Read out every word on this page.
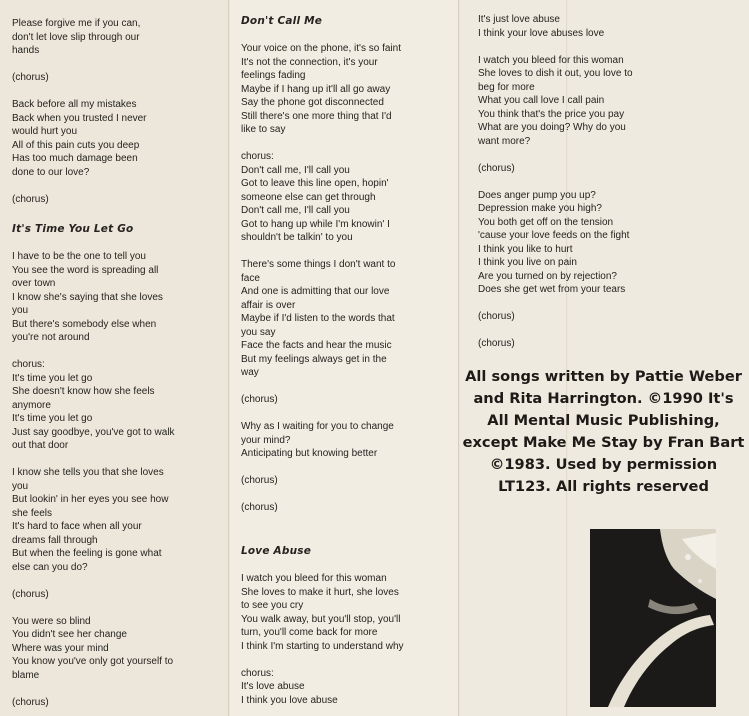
Please forgive me if you can,
don't let love slip through our
hands

(chorus)

Back before all my mistakes
Back when you trusted I never
would hurt you
All of this pain cuts you deep
Has too much damage been
done to our love?

(chorus)

It's Time You Let Go

I have to be the one to tell you
You see the word is spreading all
over town
I know she's saying that she loves
you
But there's somebody else when
you're not around

chorus:

It's time you let go
She doesn't know how she feels
anymore
It's time you let go
Just say goodbye, you've got to walk
out that door

I know she tells you that she loves
you
But lookin' in her eyes you see how
she feels
It's hard to face when all your
dreams fall through
But when the feeling is gone what
else can you do?

(chorus)

You were so blind
You didn't see her change
Where was your mind
You know you've only got yourself to
blame

(chorus)

Don't Call Me

Your voice on the phone, it's so faint
It's not the connection, it's your
feelings fading
Maybe if I hang up it'll all go away
Say the phone got disconnected
Still there's one more thing that I'd
like to say

chorus:

Don't call me, I'll call you
Got to leave this line open, hopin'
someone else can get through
Don't call me, I'll call you
Got to hang up while I'm knowin' I
shouldn't be talkin' to you

There's some things I don't want to
face
And one is admitting that our love
affair is over
Maybe if I'd listen to the words that
you say
Face the facts and hear the music
But my feelings always get in the
way

(chorus)

Why as I waiting for you to change
your mind?
Anticipating but knowing better

(chorus)

(chorus)

Love Abuse

I watch you bleed for this woman
She loves to make it hurt, she loves
to see you cry
You walk away, but you'll stop, you'll
turn, you'll come back for more
I think I'm starting to understand why

chorus:

It's love abuse
I think you love abuse

It's just love abuse
I think your love abuses love

I watch you bleed for this woman
She loves to dish it out, you love to
beg for more
What you call love I call pain
You think that's the price you pay
What are you doing? Why do you
want more?

(chorus)

Does anger pump you up?
Depression make you high?
You both get off on the tension
'cause your love feeds on the fight
I think you like to hurt
I think you live on pain
Are you turned on by rejection?
Does she get wet from your tears

(chorus)

(chorus)

All songs written by Pattie Weber
and Rita Harrington. ©1990 It's
All Mental Music Publishing,
except Make Me Stay by Fran Bart
©1983. Used by permission
LT123. All rights reserved
